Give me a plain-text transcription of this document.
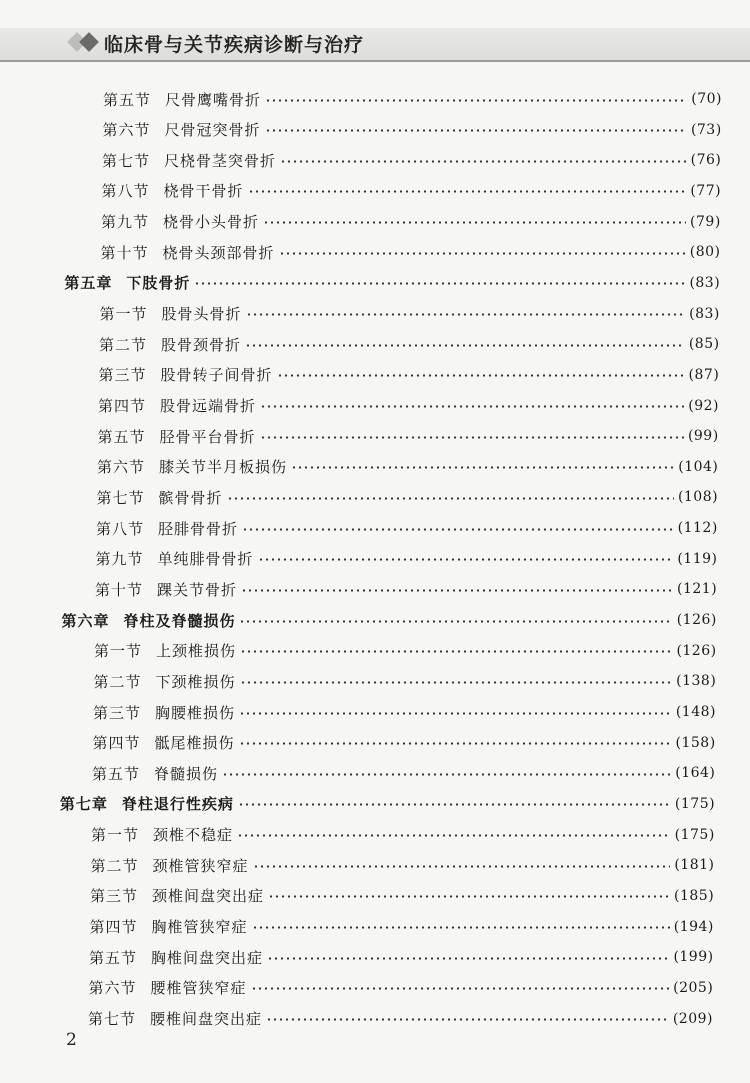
临床骨与关节疾病诊断与治疗
第五节 尺骨鹰嘴骨折	(70)
第六节 尺骨冠突骨折	(73)
第七节 尺桡骨茎突骨折	(76)
第八节 桡骨干骨折	(77)
第九节 桡骨小头骨折	(79)
第十节 桡骨头颈部骨折	(80)
第五章 下肢骨折	(83)
第一节 股骨头骨折	(83)
第二节 股骨颈骨折	(85)
第三节 股骨转子间骨折	(87)
第四节 股骨远端骨折	(92)
第五节 胫骨平台骨折	(99)
第六节 膝关节半月板损伤	(104)
第七节 髌骨骨折	(108)
第八节 胫腓骨骨折	(112)
第九节 单纯腓骨骨折	(119)
第十节 踝关节骨折	(121)
第六章 脊柱及脊髓损伤	(126)
第一节 上颈椎损伤	(126)
第二节 下颈椎损伤	(138)
第三节 胸腰椎损伤	(148)
第四节 骶尾椎损伤	(158)
第五节 脊髓损伤	(164)
第七章 脊柱退行性疾病	(175)
第一节 颈椎不稳症	(175)
第二节 颈椎管狭窄症	(181)
第三节 颈椎间盘突出症	(185)
第四节 胸椎管狭窄症	(194)
第五节 胸椎间盘突出症	(199)
第六节 腰椎管狭窄症	(205)
第七节 腰椎间盘突出症	(209)
2
